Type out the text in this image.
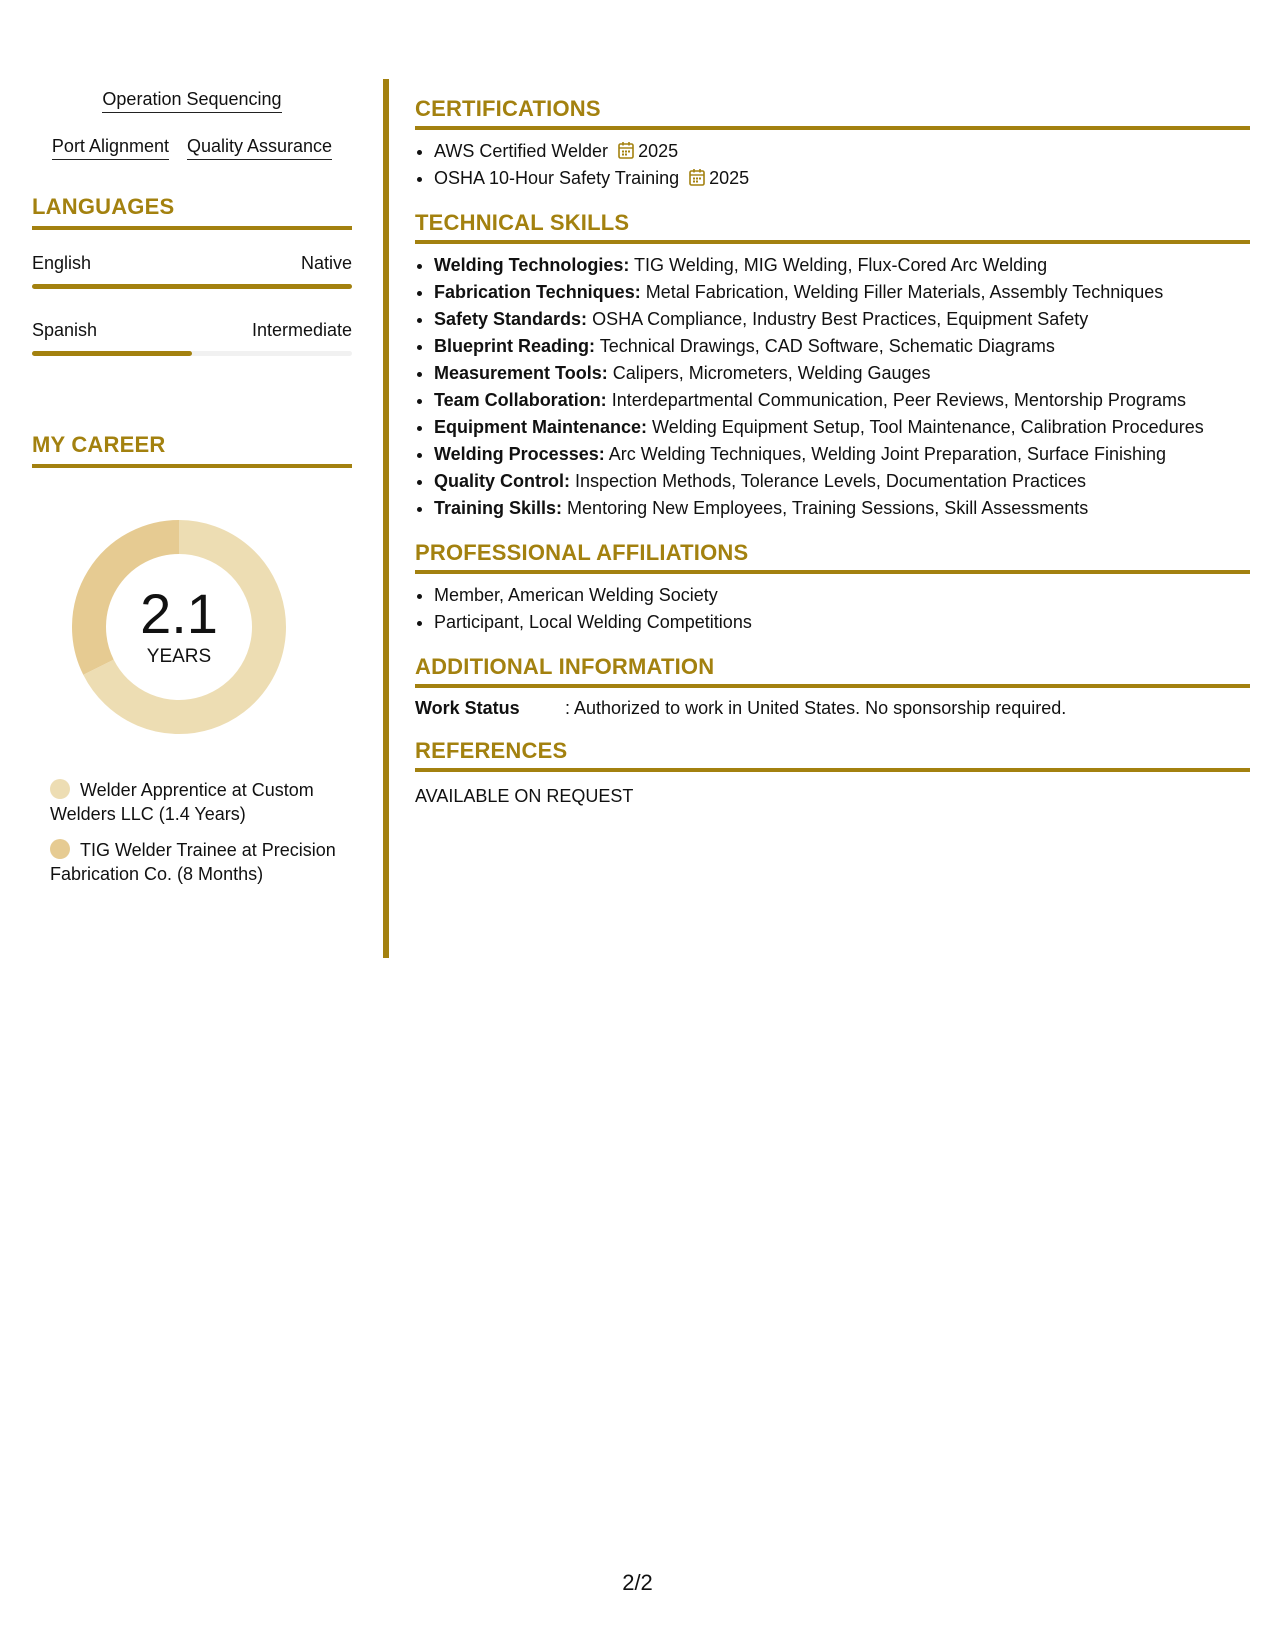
Operation Sequencing
Port Alignment Quality Assurance
LANGUAGES
English	Native
Spanish	Intermediate
MY CAREER
2.1
YEARS
Welder Apprentice at Custom Welders LLC (1.4 Years)
TIG Welder Trainee at Precision Fabrication Co. (8 Months)
CERTIFICATIONS
• AWS Certified Welder 2025
• OSHA 10-Hour Safety Training 2025
TECHNICAL SKILLS
• Welding Technologies: TIG Welding, MIG Welding, Flux-Cored Arc Welding
• Fabrication Techniques: Metal Fabrication, Welding Filler Materials, Assembly Techniques
• Safety Standards: OSHA Compliance, Industry Best Practices, Equipment Safety
• Blueprint Reading: Technical Drawings, CAD Software, Schematic Diagrams
• Measurement Tools: Calipers, Micrometers, Welding Gauges
• Team Collaboration: Interdepartmental Communication, Peer Reviews, Mentorship Programs
• Equipment Maintenance: Welding Equipment Setup, Tool Maintenance, Calibration Procedures
• Welding Processes: Arc Welding Techniques, Welding Joint Preparation, Surface Finishing
• Quality Control: Inspection Methods, Tolerance Levels, Documentation Practices
• Training Skills: Mentoring New Employees, Training Sessions, Skill Assessments
PROFESSIONAL AFFILIATIONS
• Member, American Welding Society
• Participant, Local Welding Competitions
ADDITIONAL INFORMATION
Work Status	: Authorized to work in United States. No sponsorship required.
REFERENCES
AVAILABLE ON REQUEST
2/2
